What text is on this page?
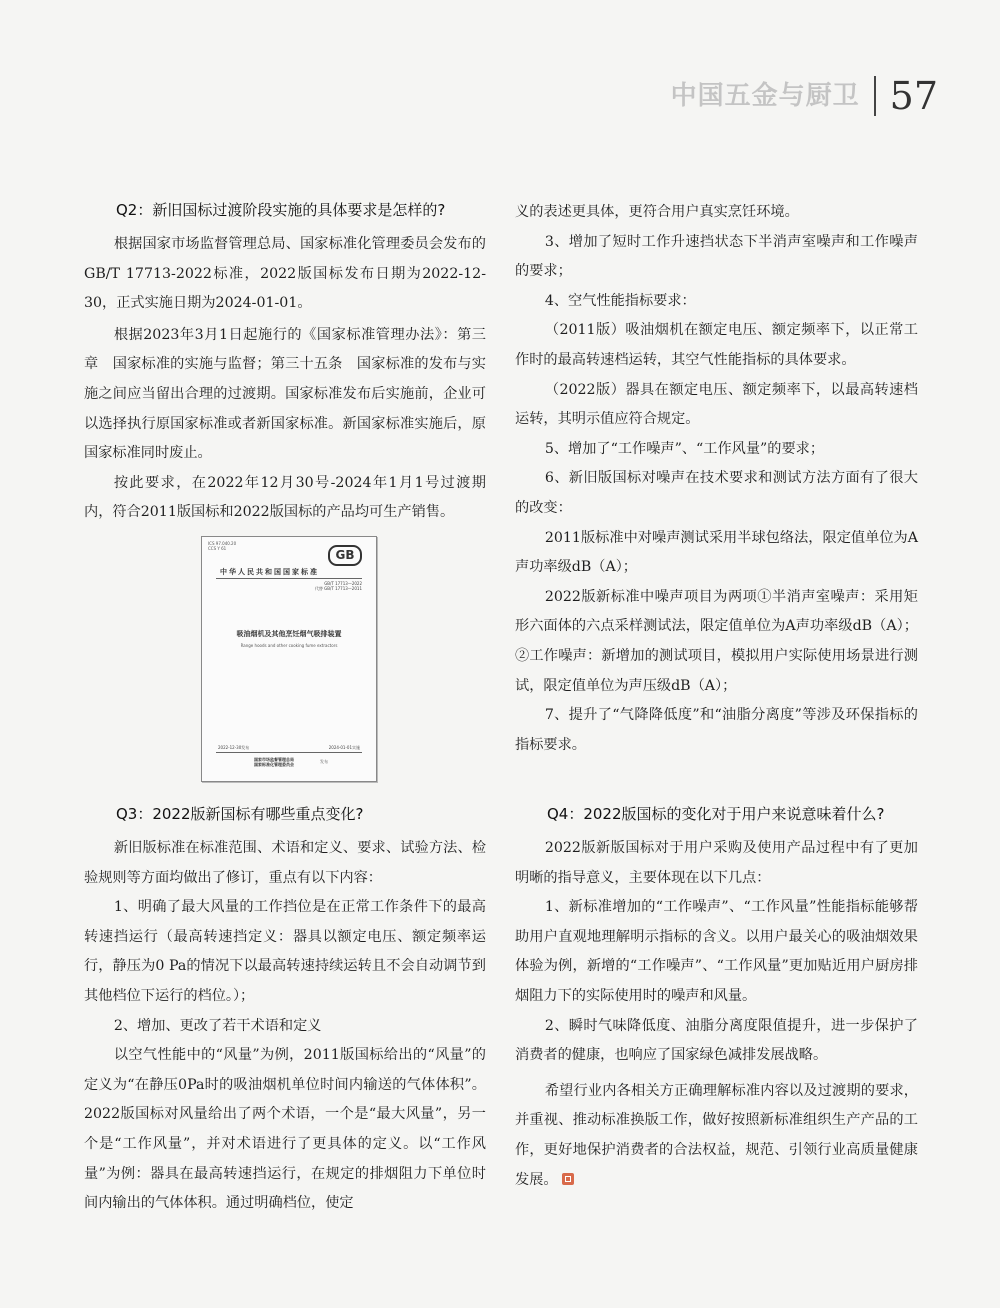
中国五金与厨卫 57
Q2：新旧国标过渡阶段实施的具体要求是怎样的?

根据国家市场监督管理总局、国家标准化管理委员会发布的GB/T 17713-2022标准，2022版国标发布日期为2022-12-30，正式实施日期为2024-01-01。

根据2023年3月1日起施行的《国家标准管理办法》：第三章　国家标准的实施与监督；第三十五条　国家标准的发布与实施之间应当留出合理的过渡期。国家标准发布后实施前，企业可以选择执行原国家标准或者新国家标准。新国家标准实施后，原国家标准同时废止。

按此要求，在2022年12月30号-2024年1月1号过渡期内，符合2011版国标和2022版国标的产品均可生产销售。

ICS 97.040.20
CCS Y 61	GB
中华人民共和国国家标准
GB/T 17713—2022
代替 GB/T 17713—2011
吸油烟机及其他烹饪烟气吸排装置
Range hoods and other cooking fume extractors
2022-12-30发布	2024-01-01实施
国家市场监督管理总局
国家标准化管理委员会
发布

义的表述更具体，更符合用户真实烹饪环境。

3、增加了短时工作升速挡状态下半消声室噪声和工作噪声的要求；

4、空气性能指标要求：

（2011版）吸油烟机在额定电压、额定频率下，以正常工作时的最高转速档运转，其空气性能指标的具体要求。

（2022版）器具在额定电压、额定频率下，以最高转速档运转，其明示值应符合规定。

5、增加了“工作噪声”、“工作风量”的要求；

6、新旧版国标对噪声在技术要求和测试方法方面有了很大的改变：

2011版标准中对噪声测试采用半球包络法，限定值单位为A声功率级dB（A）；

2022版新标准中噪声项目为两项①半消声室噪声：采用矩形六面体的六点采样测试法，限定值单位为A声功率级dB（A）；②工作噪声：新增加的测试项目，模拟用户实际使用场景进行测试，限定值单位为声压级dB（A）；

7、提升了“气降降低度”和“油脂分离度”等涉及环保指标的指标要求。

Q3：2022版新国标有哪些重点变化?

新旧版标准在标准范围、术语和定义、要求、试验方法、检验规则等方面均做出了修订，重点有以下内容：

1、明确了最大风量的工作挡位是在正常工作条件下的最高转速挡运行（最高转速挡定义：器具以额定电压、额定频率运行，静压为0 Pa的情况下以最高转速持续运转且不会自动调节到其他档位下运行的档位。）；

2、增加、更改了若干术语和定义

以空气性能中的“风量”为例，2011版国标给出的“风量”的定义为“在静压0Pa时的吸油烟机单位时间内输送的气体体积”。2022版国标对风量给出了两个术语，一个是“最大风量”，另一个是“工作风量”，并对术语进行了更具体的定义。以“工作风量”为例：器具在最高转速挡运行，在规定的排烟阻力下单位时间内输出的气体体积。通过明确档位，使定

Q4：2022版国标的变化对于用户来说意味着什么?

2022版新版国标对于用户采购及使用产品过程中有了更加明晰的指导意义，主要体现在以下几点：

1、新标准增加的“工作噪声”、“工作风量”性能指标能够帮助用户直观地理解明示指标的含义。以用户最关心的吸油烟效果体验为例，新增的“工作噪声”、“工作风量”更加贴近用户厨房排烟阻力下的实际使用时的噪声和风量。

2、瞬时气味降低度、油脂分离度限值提升，进一步保护了消费者的健康，也响应了国家绿色减排发展战略。

希望行业内各相关方正确理解标准内容以及过渡期的要求，并重视、推动标准换版工作，做好按照新标准组织生产产品的工作，更好地保护消费者的合法权益，规范、引领行业高质量健康发展。
